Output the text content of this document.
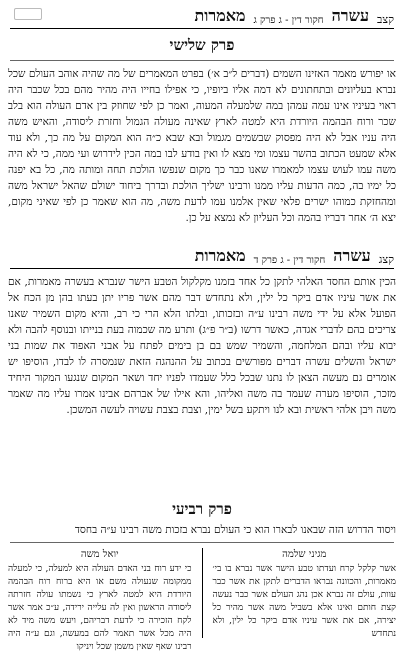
קצב
עשרה
חקור דין - ג פרק ג
מאמרות
פרק שלישי
או יפורש מאמר האזינו השמים (דברים ל״ב א׳) בפרט המאמרים של מה שהיה אוהב העולם שכל נברא בעליונים ובתחתונים לא דמה אליו ביופיו, כי אפילו בחייו היה מהיר מהם בכל שכבר היה ראוי בעיניו אינו עמה עמהן במה שלמעלה המעוה, ואמר כן לפי שחוזק בין אדם העולה הוא בלב שכר ורוח הבהמה היורדת היא למטה לארץ שאינה מעולה הגמול וחזרת ליסודה, והאיש משה היה עניו אבל לא היה מפסוק שבשמים מגמול ובא שבא כ״ה הוא המקום על מה כך, ולא עוד אלא שמעט הכתוב בהשר עצמו ומי מצא לו ואין בודע לבו במה הכין לידרוש ועי ממה, כי לא היה משה עמו לעוש עצמו למאמרו שאנו כבר כך מקום שנפשו הולכת תחה ומותה מה, כל בא יפנה כל ימיו בה, כמה הדעות עליו ממנו ורבינו ישליך הולכת ובדרך ביחוד ישולם שהאל ישראל משה ומהחזקת כמוהו ישרים פלאי שאין אלמנו עמו לדעת משה, מה הוא שאמר כן לפי שאיני מקום, יצא ה׳ אחר דבריו בהמה וכל העליון לא נמצא על כן.
קצג
עשרה
חקור דין - ג פרק ד
מאמרות
הכין אותם החסד האלהי לתקן כל אחד בזמנו מקלקול הטבע הישר שנברא בעשרה מאמרות, אם את אשר עיניו אדם ביקר כל ילין, ולא נתחדש דבר מהם אשר פריו יתן בעתו בהן מן הכח אל הפועל אלא על ידי משה רבינו ע״ה ובזכותו, ובלתו הלא הרי כי רב, והיא מקום השמיר שאנו צריכים בהם לדברי אגדה, כאשר דרשו (ב״ר פ״ג) ותרע מה שכמוה בעת בנייתו ובנוסף להבה ולא יבוא עליו ובהם המלחמה, והשמיר שמש בם בן בימים לפתח על אבני האפוד את שמות בני ישראל והשלים עשרה דברים מפורשים בכתוב על ההנהגה הזאת שנמסרה לו לבדו, הוסיפו יש אומרים גם מעשה הצאן לו נתנו שבכל כלל שעמדו לפניו יחד ושאר המקום שנגעו המקור היחיד מזכר, הוסיפו מערה שעמד בה משה ואליהו, והא אילו של אברהם אבינו אמרו עליו מה שאמר משה ויבן אלהי ראשית ובא לנו ויתקע בשל ימין, וצבת בצבת עשויה לעשה המשכן.
פרק רביעי
ויסוד הדרוש הזה שבאנו לבארו הוא כי העולם נברא בזכות משה רבינו ע״ה בחסד
מגיני שלמה
אשר קלקל קרח ועדתו טבע הישר אשר נברא בו בי׳ מאמרות, והכוונה נבראו הדברים לתקן את אשר כבר עוות, עולם זה נברא אכן נהג העולם אשר כבר נעשה קצת חותם ואינו אלא בשביל משה אשר מהיר כל יצירה, אם את אשר עיניו אדם ביקר כל ילין, ולא נתחדש
יואל משה
כי ידע רוח בני האדם העולה היא למעלה, כי למעלה ממקומה שנעולה משם או היא ברוח רוח הבהמה היורדת היא למטה לארץ כי נשמתו עולה חזרתה ליסודה הראשון ואין לה עלייה ירידה, ע״כ אמר אשר לקח הזכירה כי לדעת דבריהם, ויעש משה מיד לא היה מכל אשר תאמר להם במעשה, וגם ע״ה היה רבינו שאף שאין משמן שכל ויניקו
